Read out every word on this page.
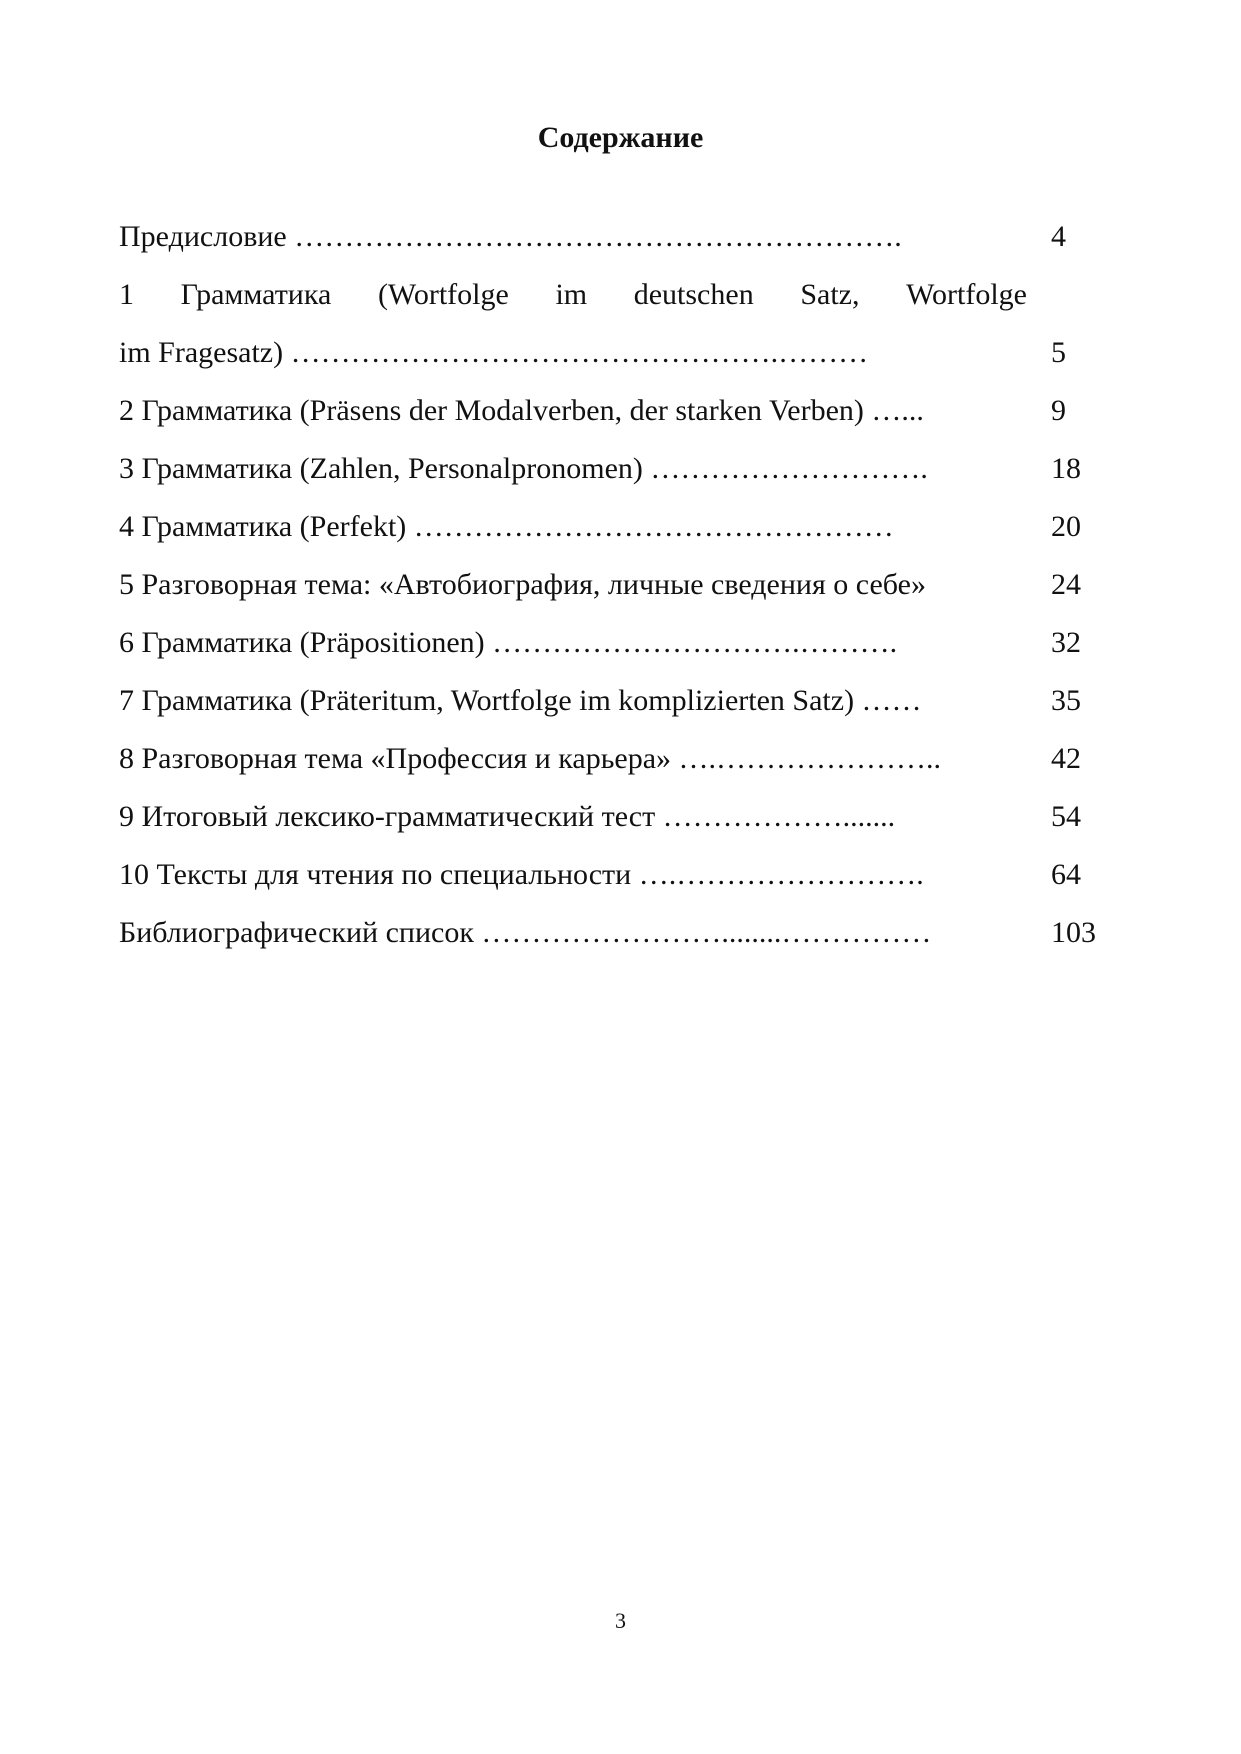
Содержание
Предисловие …………………………………………………….	4
1 Грамматика (Wortfolge im deutschen Satz, Wortfolge
im Fragesatz) ………………………………………….………	5
2 Грамматика (Präsens der Modalverben, der starken Verben) …...	9
3 Грамматика (Zahlen, Personalpronomen) ……………………….	18
4 Грамматика (Perfekt) …………………………………………	20
5 Разговорная тема: «Автобиография, личные сведения о себе»	24
6 Грамматика (Präpositionen) ………………………….……….	32
7 Грамматика (Präteritum, Wortfolge im komplizierten Satz) ……	35
8 Разговорная тема «Профессия и карьера» ….…………………..	42
9 Итоговый лексико-грамматический тест ……………….......	54
10 Тексты для чтения по специальности ….…………………….	64
Библиографический список ……………………........……………	103
3
